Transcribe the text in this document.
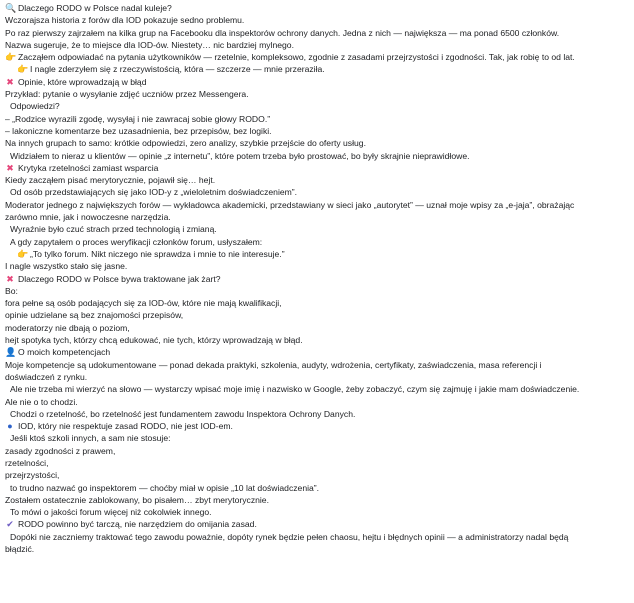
🔍 Dlaczego RODO w Polsce nadal kuleje?
Wczorajsza historia z forów dla IOD pokazuje sedno problemu.
Po raz pierwszy zajrzałem na kilka grup na Facebooku dla inspektorów ochrony danych. Jedna z nich — największa — ma ponad 6500 członków.
Nazwa sugeruje, że to miejsce dla IOD-ów. Niestety… nic bardziej mylnego.
👉 Zacząłem odpowiadać na pytania użytkowników — rzetelnie, kompleksowo, zgodnie z zasadami przejrzystości i zgodności. Tak, jak robię to od lat.
👉 I nagle zderzyłem się z rzeczywistością, która — szczerze — mnie przeraziła.
✖ Opinie, które wprowadzają w błąd
Przykład: pytanie o wysyłanie zdjęć uczniów przez Messengera.
Odpowiedzi?
– „Rodzice wyrazili zgodę, wysyłaj i nie zawracaj sobie głowy RODO.”
– lakoniczne komentarze bez uzasadnienia, bez przepisów, bez logiki.
Na innych grupach to samo: krótkie odpowiedzi, zero analizy, szybkie przejście do oferty usług.
Widziałem to nieraz u klientów — opinie „z internetu”, które potem trzeba było prostować, bo były skrajnie nieprawidłowe.
✖ Krytyka rzetelności zamiast wsparcia
Kiedy zacząłem pisać merytorycznie, pojawił się… hejt.
Od osób przedstawiających się jako IOD-y z „wieloletnim doświadczeniem”.
Moderator jednego z największych forów — wykładowca akademicki, przedstawiany w sieci jako „autorytet” — uznał moje wpisy za „e-jaja”, obrażając
zarówno mnie, jak i nowoczesne narzędzia.
Wyraźnie było czuć strach przed technologią i zmianą.
A gdy zapytałem o proces weryfikacji członków forum, usłyszałem:
👉 „To tylko forum. Nikt niczego nie sprawdza i mnie to nie interesuje.”
I nagle wszystko stało się jasne.
✖ Dlaczego RODO w Polsce bywa traktowane jak żart?
Bo:
fora pełne są osób podających się za IOD-ów, które nie mają kwalifikacji,
opinie udzielane są bez znajomości przepisów,
moderatorzy nie dbają o poziom,
hejt spotyka tych, którzy chcą edukować, nie tych, którzy wprowadzają w błąd.
👤 O moich kompetencjach
Moje kompetencje są udokumentowane — ponad dekada praktyki, szkolenia, audyty, wdrożenia, certyfikaty, zaświadczenia, masa referencji i
doświadczeń z rynku.
Ale nie trzeba mi wierzyć na słowo — wystarczy wpisać moje imię i nazwisko w Google, żeby zobaczyć, czym się zajmuję i jakie mam doświadczenie.
Ale nie o to chodzi.
Chodzi o rzetelność, bo rzetelność jest fundamentem zawodu Inspektora Ochrony Danych.
● IOD, który nie respektuje zasad RODO, nie jest IOD-em.
Jeśli ktoś szkoli innych, a sam nie stosuje:
zasady zgodności z prawem,
rzetelności,
przejrzystości,
to trudno nazwać go inspektorem — choćby miał w opisie „10 lat doświadczenia”.
Zostałem ostatecznie zablokowany, bo pisałem… zbyt merytorycznie.
To mówi o jakości forum więcej niż cokolwiek innego.
✔ RODO powinno być tarczą, nie narzędziem do omijania zasad.
Dopóki nie zaczniemy traktować tego zawodu poważnie, dopóty rynek będzie pełen chaosu, hejtu i błędnych opinii — a administratorzy nadal będą
błądzić.
